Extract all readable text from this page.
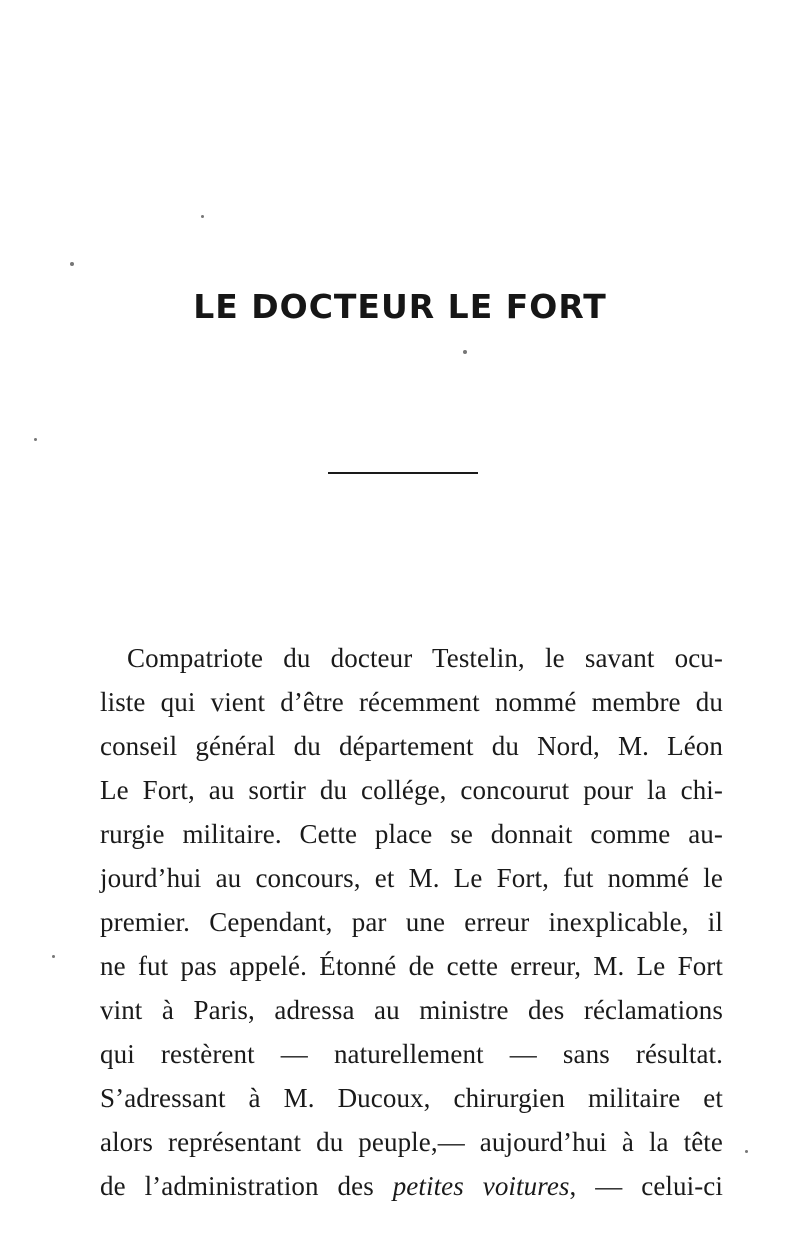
LE DOCTEUR LE FORT
Compatriote du docteur Testelin, le savant ocu-
liste qui vient d’être récemment nommé membre du
conseil général du département du Nord, M. Léon
Le Fort, au sortir du collége, concourut pour la chi-
rurgie militaire. Cette place se donnait comme au-
jourd’hui au concours, et M. Le Fort, fut nommé le
premier. Cependant, par une erreur inexplicable, il
ne fut pas appelé. Étonné de cette erreur, M. Le Fort
vint à Paris, adressa au ministre des réclamations
qui restèrent — naturellement — sans résultat.
S’adressant à M. Ducoux, chirurgien militaire et
alors représentant du peuple,— aujourd’hui à la tête
de l’administration des petites voitures, — celui-ci
